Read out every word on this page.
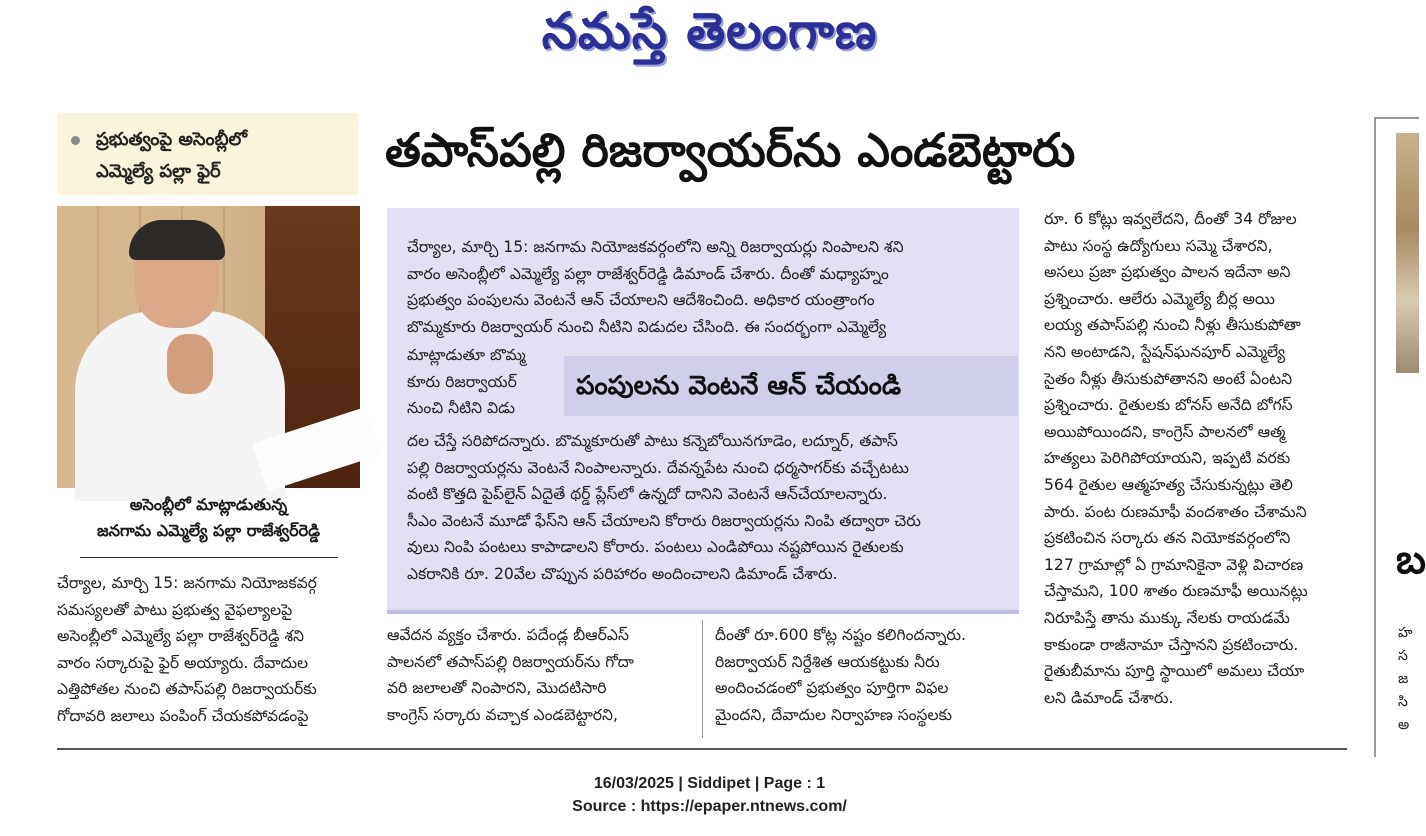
నమస్తే తెలంగాణ
ప్రభుత్వంపై అసెంబ్లీలో
ఎమ్మెల్యే పల్లా ఫైర్
అసెంబ్లీలో మాట్లాడుతున్న
జనగామ ఎమ్మెల్యే పల్లా రాజేశ్వర్‌రెడ్డి
చేర్యాల, మార్చి 15: జనగామ నియోజకవర్గ
సమస్యలతో పాటు ప్రభుత్వ వైఫల్యాలపై
అసెంబ్లీలో ఎమ్మెల్యే పల్లా రాజేశ్వర్‌రెడ్డి శని
వారం సర్కారుపై ఫైర్ అయ్యారు. దేవాదుల
ఎత్తిపోతల నుంచి తపాస్‌పల్లి రిజర్వాయర్‌కు
గోదావరి జలాలు పంపింగ్ చేయకపోవడంపై
తపాస్‌పల్లి రిజర్వాయర్‌ను ఎండబెట్టారు
చేర్యాల, మార్చి 15: జనగామ నియోజకవర్గంలోని అన్ని రిజర్వాయర్లు నింపాలని శని
వారం అసెంబ్లీలో ఎమ్మెల్యే పల్లా రాజేశ్వర్‌రెడ్డి డిమాండ్ చేశారు. దీంతో మధ్యాహ్నం
ప్రభుత్వం పంపులను వెంటనే ఆన్ చేయాలని ఆదేశించింది. అధికార యంత్రాంగం
బొమ్మకూరు రిజర్వాయర్ నుంచి నీటిని విడుదల చేసింది. ఈ సందర్భంగా ఎమ్మెల్యే
మాట్లాడుతూ బొమ్మ
కూరు రిజర్వాయర్
నుంచి నీటిని విడు
పంపులను వెంటనే ఆన్ చేయండి
దల చేస్తే సరిపోదన్నారు. బొమ్మకూరుతో పాటు కన్నెబోయినగూడెం, లద్నూర్, తపాస్
పల్లి రిజర్వాయర్లను వెంటనే నింపాలన్నారు. దేవన్నపేట నుంచి ధర్మసాగర్‌కు వచ్చేటటు
వంటి కొత్తది పైప్‌లైన్ ఏదైతే థర్డ్ ప్లేస్‌లో ఉన్నదో దానిని వెంటనే ఆన్‌చేయాలన్నారు.
సీఎం వెంటనే మూడో ఫేస్‌ని ఆన్ చేయాలని కోరారు రిజర్వాయర్లను నింపి తద్వారా చెరు
వులు నింపి పంటలు కాపాడాలని కోరారు. పంటలు ఎండిపోయి నష్టపోయిన రైతులకు
ఎకరానికి రూ. 20వేల చొప్పున పరిహారం అందించాలని డిమాండ్ చేశారు.
ఆవేదన వ్యక్తం చేశారు. పదేండ్ల బీఆర్‌ఎస్
పాలనలో తపాస్‌పల్లి రిజర్వాయర్‌ను గోదా
వరి జలాలతో నింపారని, మొదటిసారి
కాంగ్రెస్ సర్కారు వచ్చాక ఎండబెట్టారని,
దీంతో రూ.600 కోట్ల నష్టం కలిగిందన్నారు.
రిజర్వాయర్ నిర్దేశిత ఆయకట్టుకు నీరు
అందించడంలో ప్రభుత్వం పూర్తిగా విఫల
మైందని, దేవాదుల నిర్వాహణ సంస్థలకు
రూ. 6 కోట్లు ఇవ్వలేదని, దీంతో 34 రోజుల
పాటు సంస్థ ఉద్యోగులు సమ్మె చేశారని,
అసలు ప్రజా ప్రభుత్వం పాలన ఇదేనా అని
ప్రశ్నించారు. ఆలేరు ఎమ్మెల్యే బీర్ల అయి
లయ్య తపాస్‌పల్లి నుంచి నీళ్లు తీసుకుపోతా
నని అంటాడని, స్టేషన్‌ఘనపూర్ ఎమ్మెల్యే
సైతం నీళ్లు తీసుకుపోతానని అంటే ఏంటని
ప్రశ్నించారు. రైతులకు బోనస్ అనేది బోగస్
అయిపోయిందని, కాంగ్రెస్ పాలనలో ఆత్మ
హత్యలు పెరిగిపోయాయని, ఇప్పటి వరకు
564 రైతుల ఆత్మహత్య చేసుకున్నట్లు తెలి
పారు. పంట రుణమాఫీ వందశాతం చేశామని
ప్రకటించిన సర్కారు తన నియోకవర్గంలోని
127 గ్రామాల్లో ఏ గ్రామానికైనా వెళ్లి విచారణ
చేస్తామని, 100 శాతం రుణమాఫీ అయినట్లు
నిరూపిస్తే తాను ముక్కు నేలకు రాయడమే
కాకుండా రాజీనామా చేస్తానని ప్రకటించారు.
రైతుబీమాను పూర్తి స్థాయిలో అమలు చేయా
లని డిమాండ్ చేశారు.
బ
హ
స
జ
సి
అ
16/03/2025 | Siddipet | Page : 1
Source : https://epaper.ntnews.com/
